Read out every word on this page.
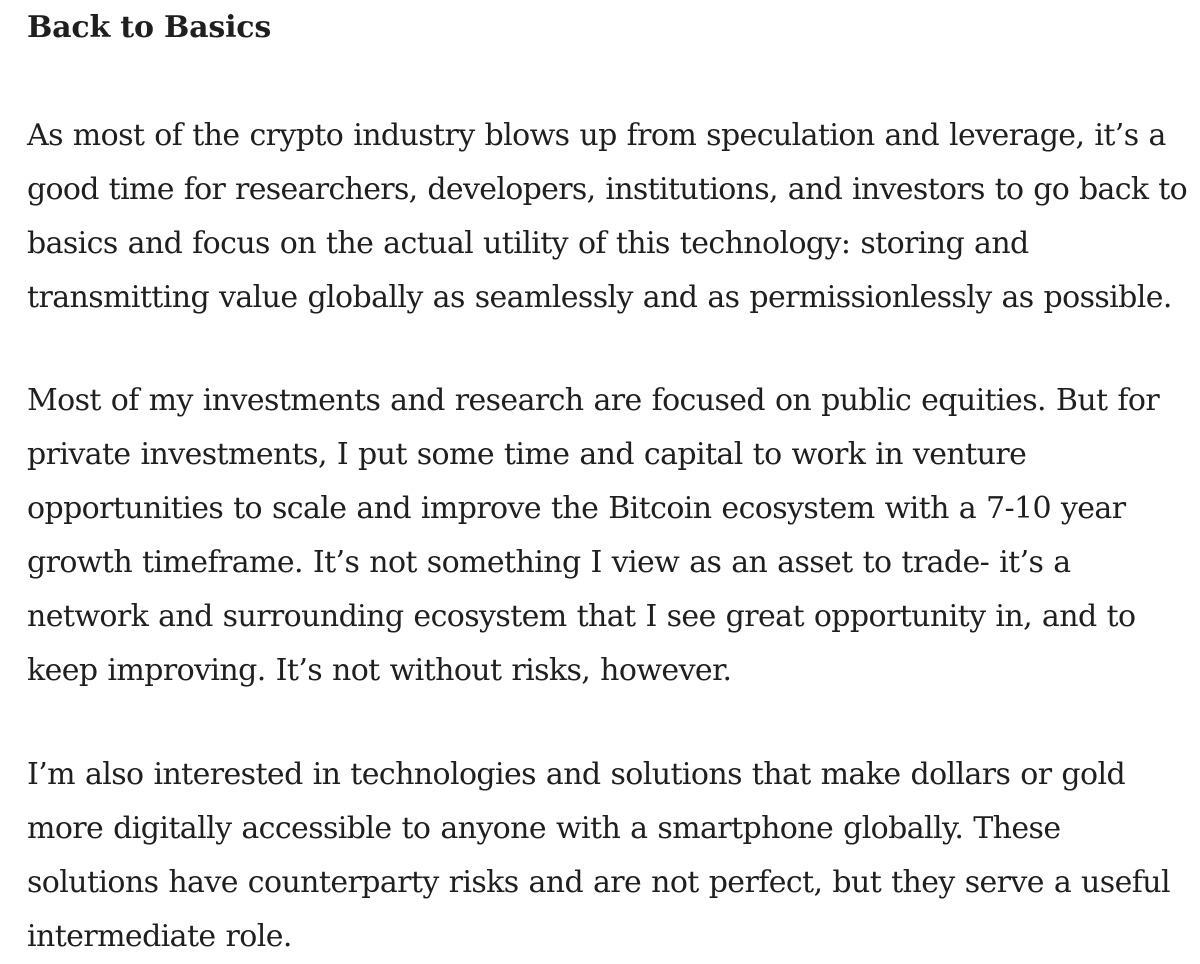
Back to Basics

As most of the crypto industry blows up from speculation and leverage, it’s a
good time for researchers, developers, institutions, and investors to go back to
basics and focus on the actual utility of this technology: storing and
transmitting value globally as seamlessly and as permissionlessly as possible.

Most of my investments and research are focused on public equities. But for
private investments, I put some time and capital to work in venture
opportunities to scale and improve the Bitcoin ecosystem with a 7-10 year
growth timeframe. It’s not something I view as an asset to trade- it’s a
network and surrounding ecosystem that I see great opportunity in, and to
keep improving. It’s not without risks, however.

I’m also interested in technologies and solutions that make dollars or gold
more digitally accessible to anyone with a smartphone globally. These
solutions have counterparty risks and are not perfect, but they serve a useful
intermediate role.
